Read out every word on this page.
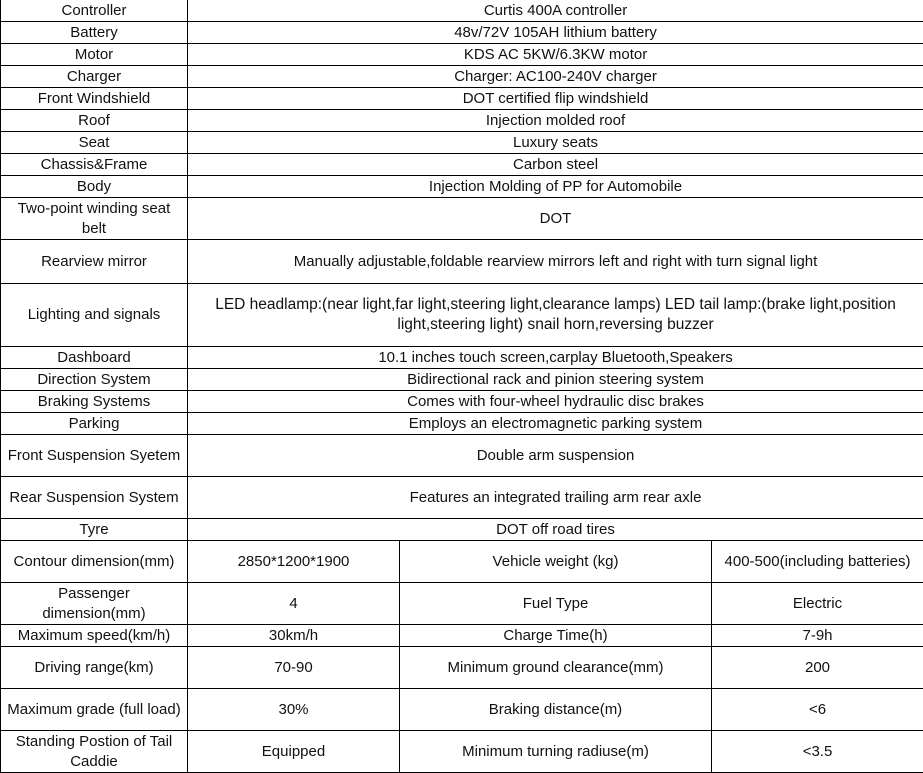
Controller	Curtis 400A controller		
Battery	48v/72V 105AH lithium battery		
Motor	KDS AC 5KW/6.3KW motor		
Charger	Charger: AC100-240V charger		
Front Windshield	DOT certified flip windshield		
Roof	Injection molded roof		
Seat	Luxury seats		
Chassis&Frame	Carbon steel		
Body	Injection Molding of PP for Automobile		
Two-point winding seat belt	DOT		
Rearview mirror	Manually adjustable,foldable rearview mirrors left and right with turn signal light		
Lighting and signals	LED headlamp:(near light,far light,steering light,clearance lamps) LED tail lamp:(brake light,position light,steering light) snail horn,reversing buzzer		
Dashboard	10.1 inches touch screen,carplay Bluetooth,Speakers		
Direction System	Bidirectional rack and pinion steering system		
Braking Systems	Comes with four-wheel hydraulic disc brakes		
Parking	Employs an electromagnetic parking system		
Front Suspension Syetem	Double arm suspension		
Rear Suspension System	Features an integrated trailing arm rear axle		
Tyre	DOT off road tires		
Contour dimension(mm)	2850*1200*1900	Vehicle weight (kg)	400-500(including batteries)
Passenger dimension(mm)	4	Fuel Type	Electric
Maximum speed(km/h)	30km/h	Charge Time(h)	7-9h
Driving range(km)	70-90	Minimum ground clearance(mm)	200
Maximum grade (full load)	30%	Braking distance(m)	<6
Standing Postion of Tail Caddie	Equipped	Minimum turning radiuse(m)	<3.5
